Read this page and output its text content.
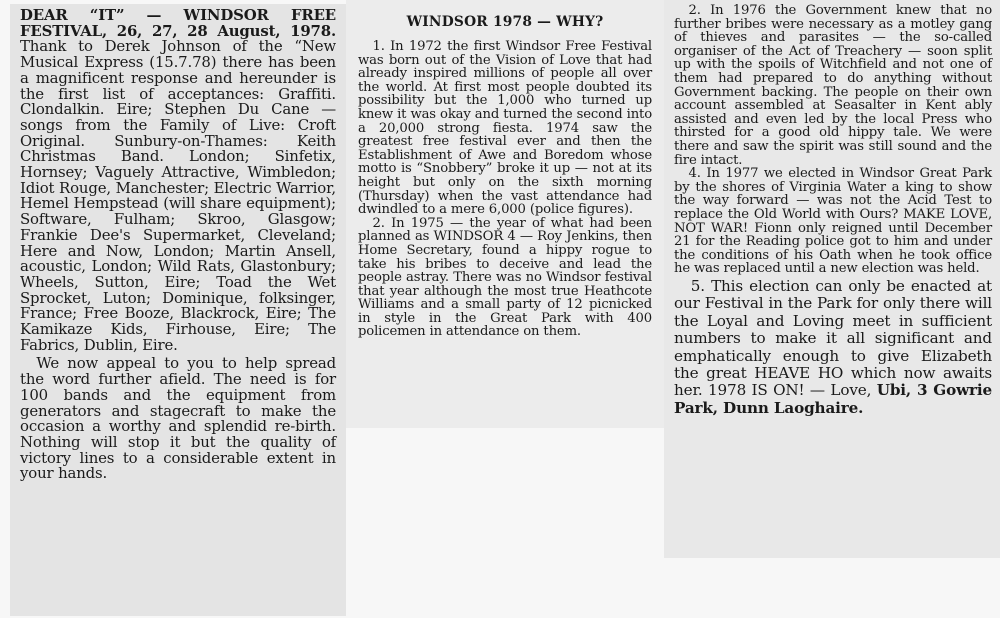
DEAR “IT” — WINDSOR FREE FESTIVAL, 26, 27, 28 August, 1978. Thank to Derek Johnson of the “New Musical Express (15.7.78) there has been a magnificent response and hereunder is the first list of acceptances: Graffiti. Clondalkin. Eire; Stephen Du Cane — songs from the Family of Live: Croft Original. Sunbury-on-Thames: Keith Christmas Band. London; Sinfetix, Hornsey; Vaguely Attractive, Wimbledon; Idiot Rouge, Manchester; Electric Warrior, Hemel Hempstead (will share equipment); Software, Fulham; Skroo, Glasgow; Frankie Dee's Supermarket, Cleveland; Here and Now, London; Martin Ansell, acoustic, London; Wild Rats, Glastonbury; Wheels, Sutton, Eire; Toad the Wet Sprocket, Luton; Dominique, folksinger, France; Free Booze, Blackrock, Eire; The Kamikaze Kids, Firhouse, Eire; The Fabrics, Dublin, Eire.

We now appeal to you to help spread the word further afield. The need is for 100 bands and the equipment from generators and stagecraft to make the occasion a worthy and splendid re-birth. Nothing will stop it but the quality of victory lines to a considerable extent in your hands.

WINDSOR 1978 — WHY?

1. In 1972 the first Windsor Free Festival was born out of the Vision of Love that had already inspired millions of people all over the world. At first most people doubted its possibility but the 1,000 who turned up knew it was okay and turned the second into a 20,000 strong fiesta. 1974 saw the greatest free festival ever and then the Establishment of Awe and Boredom whose motto is “Snobbery” broke it up — not at its height but only on the sixth morning (Thursday) when the vast attendance had dwindled to a mere 6,000 (police figures).

2. In 1975 — the year of what had been planned as WINDSOR 4 — Roy Jenkins, then Home Secretary, found a hippy rogue to take his bribes to deceive and lead the people astray. There was no Windsor festival that year although the most true Heathcote Williams and a small party of 12 picnicked in style in the Great Park with 400 policemen in attendance on them.

2. In 1976 the Government knew that no further bribes were necessary as a motley gang of thieves and parasites — the so-called organiser of the Act of Treachery — soon split up with the spoils of Witchfield and not one of them had prepared to do anything without Government backing. The people on their own account assembled at Seasalter in Kent ably assisted and even led by the local Press who thirsted for a good old hippy tale. We were there and saw the spirit was still sound and the fire intact.

4. In 1977 we elected in Windsor Great Park by the shores of Virginia Water a king to show the way forward — was not the Acid Test to replace the Old World with Ours? MAKE LOVE, NOT WAR! Fionn only reigned until December 21 for the Reading police got to him and under the conditions of his Oath when he took office he was replaced until a new election was held.

5. This election can only be enacted at our Festival in the Park for only there will the Loyal and Loving meet in sufficient numbers to make it all significant and emphatically enough to give Elizabeth the great HEAVE HO which now awaits her. 1978 IS ON! — Love, Ubi, 3 Gowrie Park, Dunn Laoghaire.
